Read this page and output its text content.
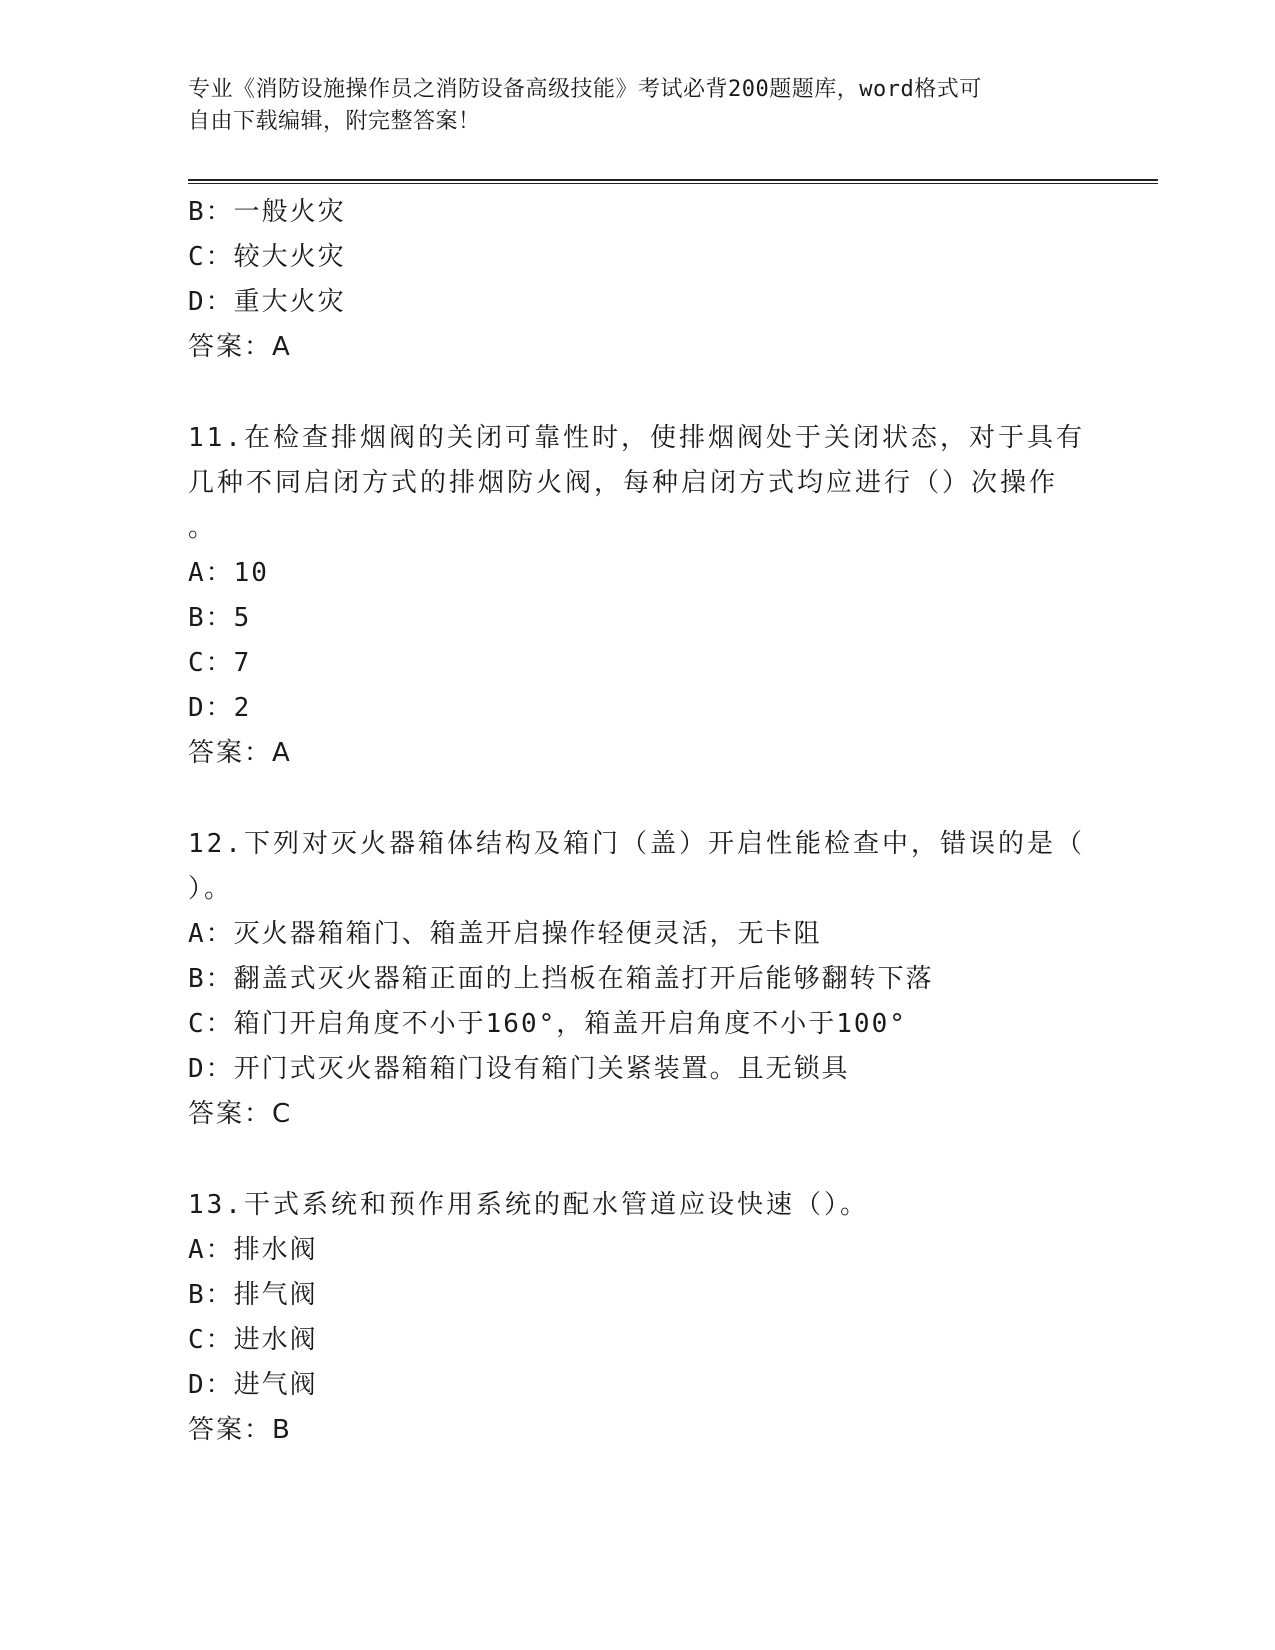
专业《消防设施操作员之消防设备高级技能》考试必背200题题库，word格式可
自由下载编辑，附完整答案！
B：一般火灾
C：较大火灾
D：重大火灾
答案：A
11.在检查排烟阀的关闭可靠性时，使排烟阀处于关闭状态，对于具有
几种不同启闭方式的排烟防火阀，每种启闭方式均应进行（）次操作
。
A：10
B：5
C：7
D：2
答案：A
12.下列对灭火器箱体结构及箱门（盖）开启性能检查中，错误的是（
）。
A：灭火器箱箱门、箱盖开启操作轻便灵活，无卡阻
B：翻盖式灭火器箱正面的上挡板在箱盖打开后能够翻转下落
C：箱门开启角度不小于160°，箱盖开启角度不小于100°
D：开门式灭火器箱箱门设有箱门关紧装置。且无锁具
答案：C
13.干式系统和预作用系统的配水管道应设快速（）。
A：排水阀
B：排气阀
C：进水阀
D：进气阀
答案：B
